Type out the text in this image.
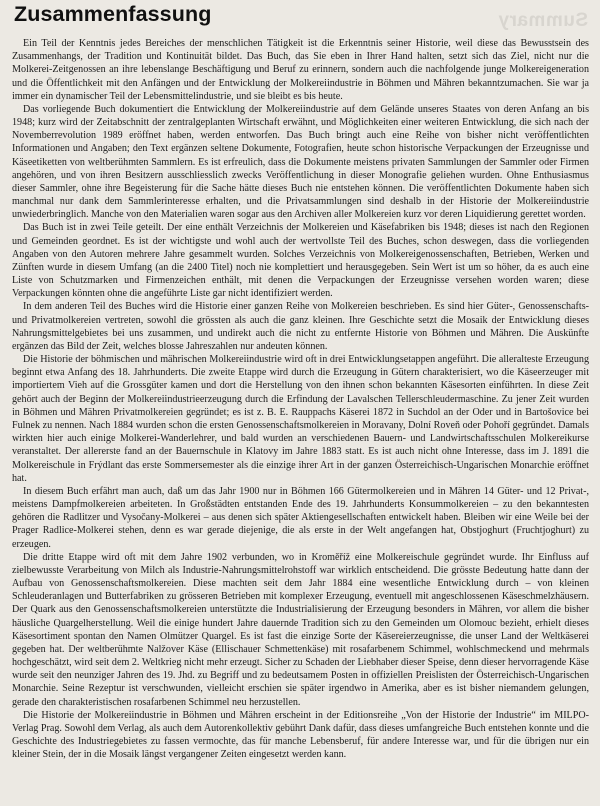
Summary
Zusammenfassung

Ein Teil der Kenntnis jedes Bereiches der menschlichen Tätigkeit ist die Erkenntnis seiner Historie, weil diese das Bewusstsein des Zusammenhangs, der Tradition und Kontinuität bildet. Das Buch, das Sie eben in Ihrer Hand halten, setzt sich das Ziel, nicht nur die Molkerei-Zeitgenossen an ihre lebenslange Beschäftigung und Beruf zu erinnern, sondern auch die nachfolgende junge Molkereigeneration und die Öffentlichkeit mit den Anfängen und der Entwicklung der Molkereiindustrie in Böhmen und Mähren bekanntzumachen. Sie war ja immer ein dynamischer Teil der Lebensmittelindustrie, und sie bleibt es bis heute.

Das vorliegende Buch dokumentiert die Entwicklung der Molkereiindustrie auf dem Gelände unseres Staates von deren Anfang an bis 1948; kurz wird der Zeitabschnitt der zentralgeplanten Wirtschaft erwähnt, und Möglichkeiten einer weiteren Entwicklung, die sich nach der Novemberrevolution 1989 eröffnet haben, werden entworfen. Das Buch bringt auch eine Reihe von bisher nicht veröffentlichten Informationen und Angaben; den Text ergänzen seltene Dokumente, Fotografien, heute schon historische Verpackungen der Erzeugnisse und Käseetiketten von weltberühmten Sammlern. Es ist erfreulich, dass die Dokumente meistens privaten Sammlungen der Sammler oder Firmen angehören, und von ihren Besitzern ausschliesslich zwecks Veröffentlichung in dieser Monografie geliehen wurden. Ohne Enthusiasmus dieser Sammler, ohne ihre Begeisterung für die Sache hätte dieses Buch nie entstehen können. Die veröffentlichten Dokumente haben sich manchmal nur dank dem Sammlerinteresse erhalten, und die Privatsammlungen sind deshalb in der Historie der Molkereiindustrie unwiederbringlich. Manche von den Materialien waren sogar aus den Archiven aller Molkereien kurz vor deren Liquidierung gerettet worden.

Das Buch ist in zwei Teile geteilt. Der eine enthält Verzeichnis der Molkereien und Käsefabriken bis 1948; dieses ist nach den Regionen und Gemeinden geordnet. Es ist der wichtigste und wohl auch der wertvollste Teil des Buches, schon deswegen, dass die vorliegenden Angaben von den Autoren mehrere Jahre gesammelt wurden. Solches Verzeichnis von Molkereigenossenschaften, Betrieben, Werken und Zünften wurde in diesem Umfang (an die 2400 Titel) noch nie komplettiert und herausgegeben. Sein Wert ist um so höher, da es auch eine Liste von Schutzmarken und Firmenzeichen enthält, mit denen die Verpackungen der Erzeugnisse versehen worden waren; diese Verpackungen könnten ohne die angeführte Liste gar nicht identifiziert werden.

In dem anderen Teil des Buches wird die Historie einer ganzen Reihe von Molkereien beschrieben. Es sind hier Güter-, Genossenschafts- und Privatmolkereien vertreten, sowohl die grössten als auch die ganz kleinen. Ihre Geschichte setzt die Mosaik der Entwicklung dieses Nahrungsmittelgebietes bei uns zusammen, und undirekt auch die nicht zu entfernte Historie von Böhmen und Mähren. Die Auskünfte ergänzen das Bild der Zeit, welches blosse Jahreszahlen nur andeuten können.

Die Historie der böhmischen und mährischen Molkereiindustrie wird oft in drei Entwicklungsetappen angeführt. Die alleralteste Erzeugung beginnt etwa Anfang des 18. Jahrhunderts. Die zweite Etappe wird durch die Erzeugung in Gütern charakterisiert, wo die Käseerzeuger mit importiertem Vieh auf die Grossgüter kamen und dort die Herstellung von den ihnen schon bekannten Käsesorten einführten. In diese Zeit gehört auch der Beginn der Molkereiindustrieerzeugung durch die Erfindung der Lavalschen Tellerschleudermaschine. Zu jener Zeit wurden in Böhmen und Mähren Privatmolkereien gegründet; es ist z. B. E. Rauppachs Käserei 1872 in Suchdol an der Oder und in Bartošovice bei Fulnek zu nennen. Nach 1884 wurden schon die ersten Genossenschaftsmolkereien in Moravany, Dolní Roveň oder Pohoří gegründet. Damals wirkten hier auch einige Molkerei-Wanderlehrer, und bald wurden an verschiedenen Bauern- und Landwirtschaftsschulen Molkereikurse veranstaltet. Der allererste fand an der Bauernschule in Klatovy im Jahre 1883 statt. Es ist auch nicht ohne Interesse, dass im J. 1891 die Molkereischule in Frýdlant das erste Sommersemester als die einzige ihrer Art in der ganzen Österreichisch-Ungarischen Monarchie eröffnet hat.

In diesem Buch erfährt man auch, daß um das Jahr 1900 nur in Böhmen 166 Gütermolkereien und in Mähren 14 Güter- und 12 Privat-, meistens Dampfmolkereien arbeiteten. In Großstädten entstanden Ende des 19. Jahrhunderts Konsummolkereien – zu den bekanntesten gehören die Radlitzer und Vysočany-Molkerei – aus denen sich später Aktiengesellschaften entwickelt haben. Bleiben wir eine Weile bei der Prager Radlice-Molkerei stehen, denn es war gerade diejenige, die als erste in der Welt angefangen hat, Obstjoghurt (Fruchtjoghurt) zu erzeugen.

Die dritte Etappe wird oft mit dem Jahre 1902 verbunden, wo in Kroměříž eine Molkereischule gegründet wurde. Ihr Einfluss auf zielbewusste Verarbeitung von Milch als Industrie-Nahrungsmittelrohstoff war wirklich entscheidend. Die grösste Bedeutung hatte dann der Aufbau von Genossenschaftsmolkereien. Diese machten seit dem Jahr 1884 eine wesentliche Entwicklung durch – von kleinen Schleuderanlagen und Butterfabriken zu grösseren Betrieben mit komplexer Erzeugung, eventuell mit angeschlossenen Käseschmelzhäusern. Der Quark aus den Genossenschaftsmolkereien unterstützte die Industrialisierung der Erzeugung besonders in Mähren, vor allem die bisher häusliche Quargelherstellung. Weil die einige hundert Jahre dauernde Tradition sich zu den Gemeinden um Olomouc bezieht, erhielt dieses Käsesortiment spontan den Namen Olmützer Quargel. Es ist fast die einzige Sorte der Käsereierzeugnisse, die unser Land der Weltkäserei gegeben hat. Der weltberühmte Nalžover Käse (Ellischauer Schmettenkäse) mit rosafarbenem Schimmel, wohlschmeckend und mehrmals hochgeschätzt, wird seit dem 2. Weltkrieg nicht mehr erzeugt. Sicher zu Schaden der Liebhaber dieser Speise, denn dieser hervorragende Käse wurde seit den neunziger Jahren des 19. Jhd. zu Begriff und zu bedeutsamem Posten in offiziellen Preislisten der Österreichisch-Ungarischen Monarchie. Seine Rezeptur ist verschwunden, vielleicht erschien sie später irgendwo in Amerika, aber es ist bisher niemandem gelungen, gerade den charakteristischen rosafarbenen Schimmel neu herzustellen.

Die Historie der Molkereiindustrie in Böhmen und Mähren erscheint in der Editionsreihe „Von der Historie der Industrie“ im MILPO-Verlag Prag. Sowohl dem Verlag, als auch dem Autorenkollektiv gebührt Dank dafür, dass dieses umfangreiche Buch entstehen konnte und die Geschichte des Industriegebietes zu fassen vermochte, das für manche Lebensberuf, für andere Interesse war, und für die übrigen nur ein kleiner Stein, der in die Mosaik längst vergangener Zeiten eingesetzt werden kann.
